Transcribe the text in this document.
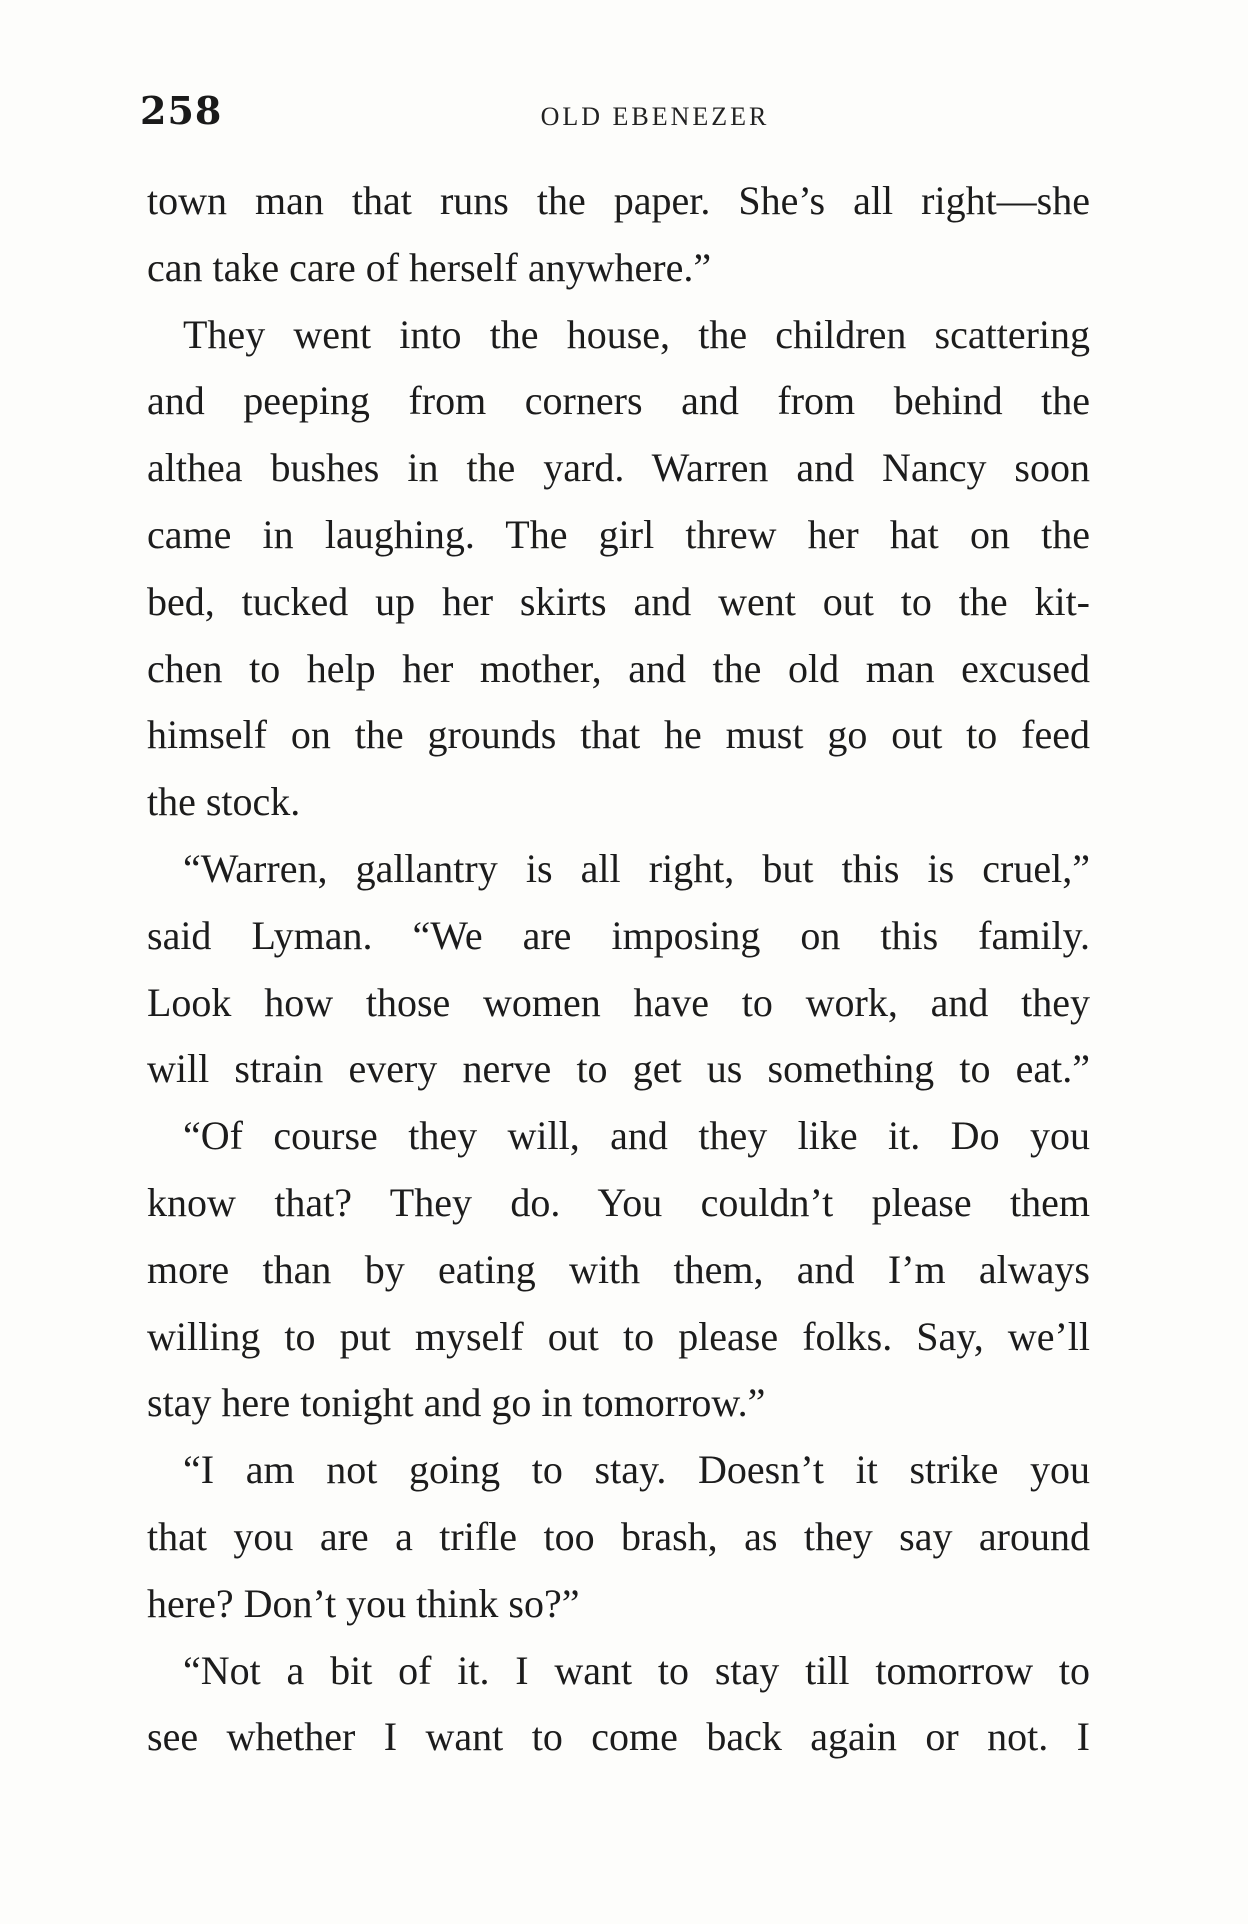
258	OLD EBENEZER
town man that runs the paper. She’s all right—she
can take care of herself anywhere.”
They went into the house, the children scattering
and peeping from corners and from behind the
althea bushes in the yard. Warren and Nancy soon
came in laughing. The girl threw her hat on the
bed, tucked up her skirts and went out to the kit-
chen to help her mother, and the old man excused
himself on the grounds that he must go out to feed
the stock.
“Warren, gallantry is all right, but this is cruel,”
said Lyman. “We are imposing on this family.
Look how those women have to work, and they
will strain every nerve to get us something to eat.”
“Of course they will, and they like it. Do you
know that? They do. You couldn’t please them
more than by eating with them, and I’m always
willing to put myself out to please folks. Say, we’ll
stay here tonight and go in tomorrow.”
“I am not going to stay. Doesn’t it strike you
that you are a trifle too brash, as they say around
here? Don’t you think so?”
“Not a bit of it. I want to stay till tomorrow to
see whether I want to come back again or not. I
